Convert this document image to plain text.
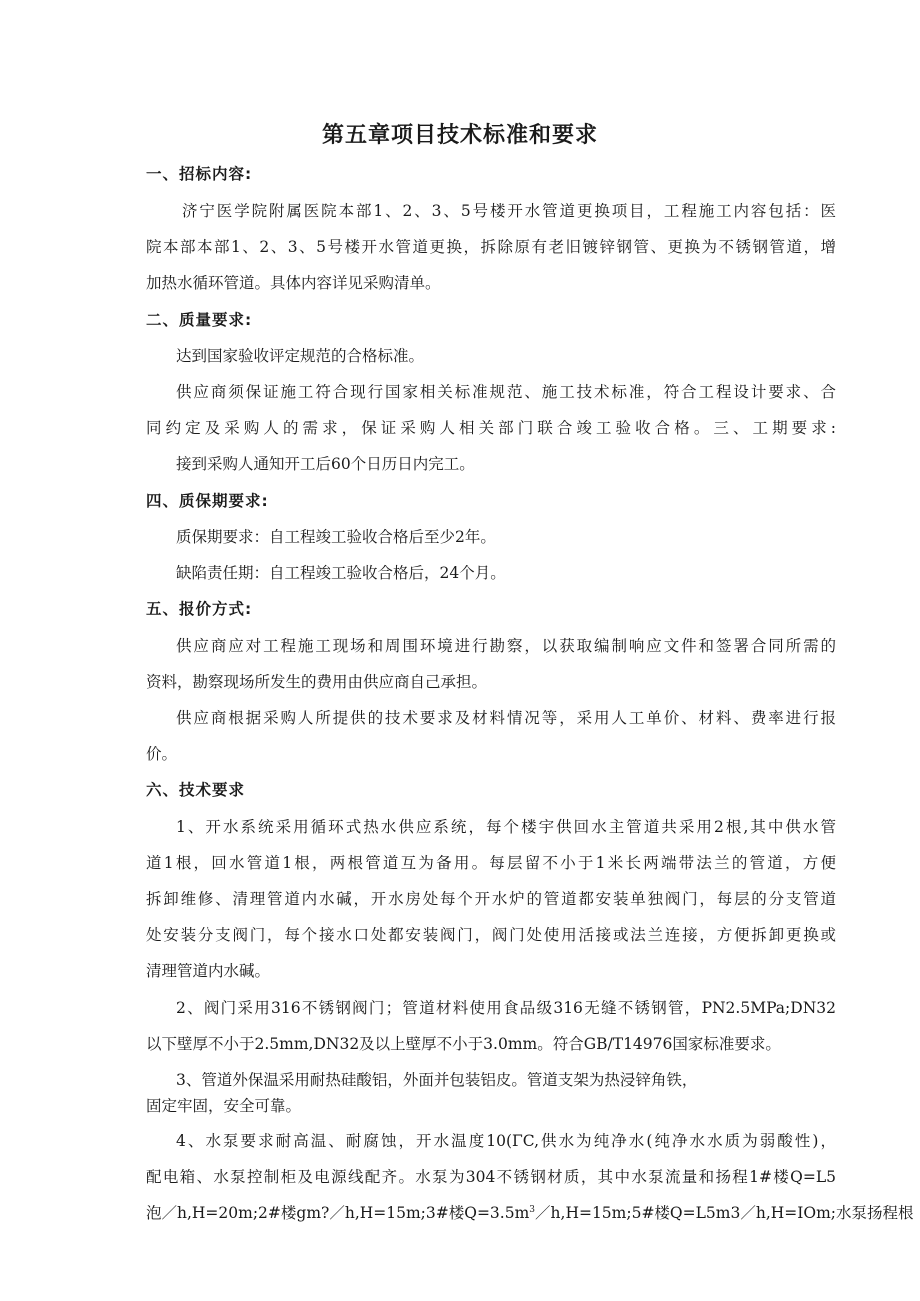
第五章项目技术标准和要求

一、招标内容:

济宁医学院附属医院本部1、2、3、5号楼开水管道更换项目，工程施工内容包括：医

院本部本部1、2、3、5号楼开水管道更换，拆除原有老旧镀锌钢管、更换为不锈钢管道，增

加热水循环管道。具体内容详见采购清单。

二、质量要求:

达到国家验收评定规范的合格标准。

供应商须保证施工符合现行国家相关标准规范、施工技术标准，符合工程设计要求、合

同约定及采购人的需求，保证采购人相关部门联合竣工验收合格。三、工期要求:

接到采购人通知开工后60个日历日内完工。

四、质保期要求:

质保期要求：自工程竣工验收合格后至少2年。

缺陷责任期：自工程竣工验收合格后，24个月。

五、报价方式:

供应商应对工程施工现场和周围环境进行勘察，以获取编制响应文件和签署合同所需的

资料，勘察现场所发生的费用由供应商自己承担。

供应商根据采购人所提供的技术要求及材料情况等，采用人工单价、材料、费率进行报

价。

六、技术要求

1、开水系统采用循环式热水供应系统，每个楼宇供回水主管道共采用2根,其中供水管

道1根，回水管道1根，两根管道互为备用。每层留不小于1米长两端带法兰的管道，方便

拆卸维修、清理管道内水碱，开水房处每个开水炉的管道都安装单独阀门，每层的分支管道

处安装分支阀门，每个接水口处都安装阀门，阀门处使用活接或法兰连接，方便拆卸更换或

清理管道内水碱。

2、阀门采用316不锈钢阀门；管道材料使用食品级316无缝不锈钢管，PN2.5MPa;DN32

以下壁厚不小于2.5mm,DN32及以上壁厚不小于3.0mm。符合GB/T14976国家标准要求。

3、管道外保温采用耐热硅酸铝，外面并包装铝皮。管道支架为热浸锌角铁，

固定牢固，安全可靠。

4、水泵要求耐高温、耐腐蚀，开水温度10(ΓC,供水为纯净水(纯净水水质为弱酸性)，

配电箱、水泵控制柜及电源线配齐。水泵为304不锈钢材质，其中水泵流量和扬程1#楼Q=L5

泡／h,H=20m;2#楼gm?／h,H=15m;3#楼$Q=3.5m^3/h,H=15m;5\#$楼Q=L5m3／h,H=IOm;水泵扬程根
